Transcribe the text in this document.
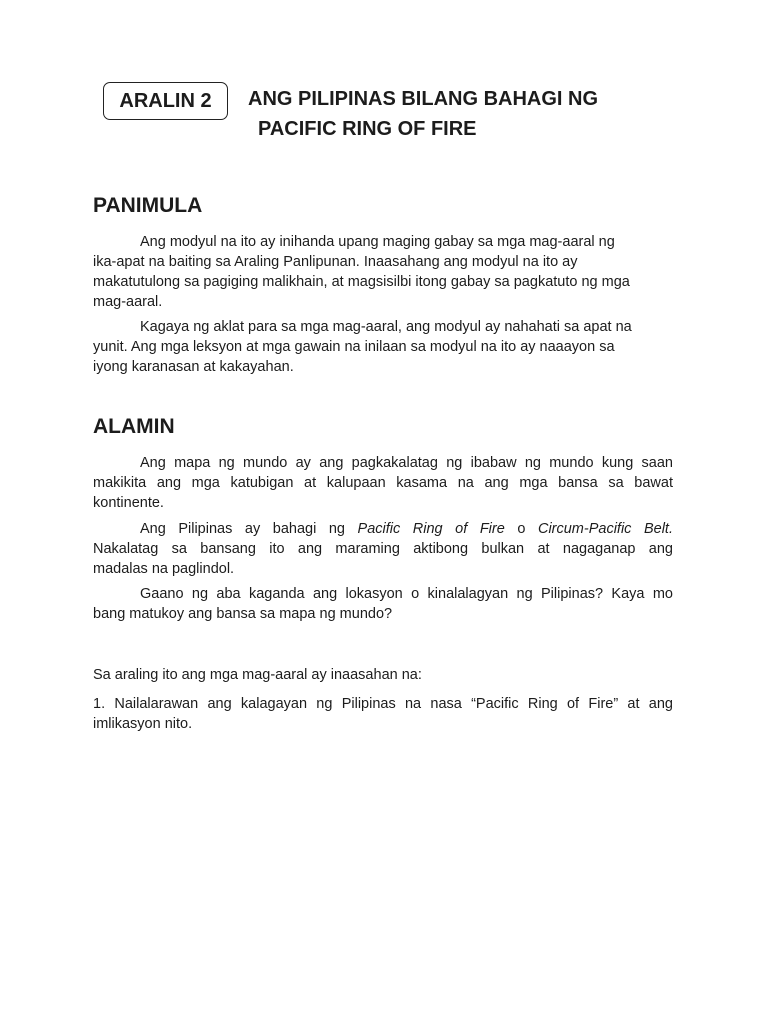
ARALIN 2	ANG PILIPINAS BILANG BAHAGI NG
PACIFIC RING OF FIRE
PANIMULA
Ang modyul na ito ay inihanda upang maging gabay sa mga mag-aaral ng
ika-apat na baiting sa Araling Panlipunan. Inaasahang ang modyul na ito ay
makatutulong sa pagiging malikhain, at magsisilbi itong gabay sa pagkatuto ng mga
mag-aaral.
Kagaya ng aklat para sa mga mag-aaral, ang modyul ay nahahati sa apat na
yunit. Ang mga leksyon at mga gawain na inilaan sa modyul na ito ay naaayon sa
iyong karanasan at kakayahan.
ALAMIN
Ang mapa ng mundo ay ang pagkakalatag ng ibabaw ng mundo kung saan
makikita ang mga katubigan at kalupaan kasama na ang mga bansa sa bawat
kontinente.
Ang Pilipinas ay bahagi ng Pacific Ring of Fire o Circum-Pacific Belt.
Nakalatag sa bansang ito ang maraming aktibong bulkan at nagaganap ang
madalas na paglindol.
Gaano ng aba kaganda ang lokasyon o kinalalagyan ng Pilipinas? Kaya mo
bang matukoy ang bansa sa mapa ng mundo?
Sa araling ito ang mga mag-aaral ay inaasahan na:
1. Nailalarawan ang kalagayan ng Pilipinas na nasa “Pacific Ring of Fire” at ang
imlikasyon nito.
